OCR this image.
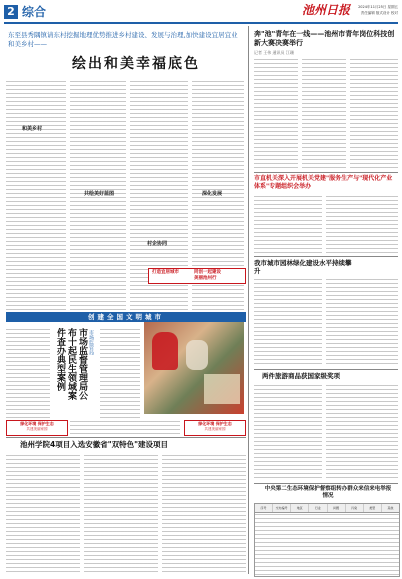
2 综合	池州日报	2024年11月25日 星期五
责任编辑 版式设计 校对
东至县秀隅镇请东村挖掘地理优势推进乡村建设、发展与治理,加快建设宜居宜业和美乡村——
绘出和美幸福底色
和美乡村
共绘美好蓝图
村企协同
深化发展
创建全国文明城市
市场监督管理局公布十起民生领域案件查办典型案例	市场监管局
打造宜居城市	同创一起建设
美丽池州行
绿化环境 保护生态
共建美丽家园
绿化环境 保护生态
共建美丽家园
池州学院4项目入选安徽省"双特色"建设项目
奔"池"青年在一线——池州市青年岗位科技创新大赛决赛举行
记者 王伟 通讯员 江珊
市直机关深入开展机关党建"服务生产与"现代化产业体系"专题组织会举办
我市城市园林绿化建设水平持续攀升
两件旅游商品获国家级奖项
中央第二生态环境保护督察组转办群众来信来电举报情况
序号	交办编号	地区	行业	问题	污染	类型	其他
